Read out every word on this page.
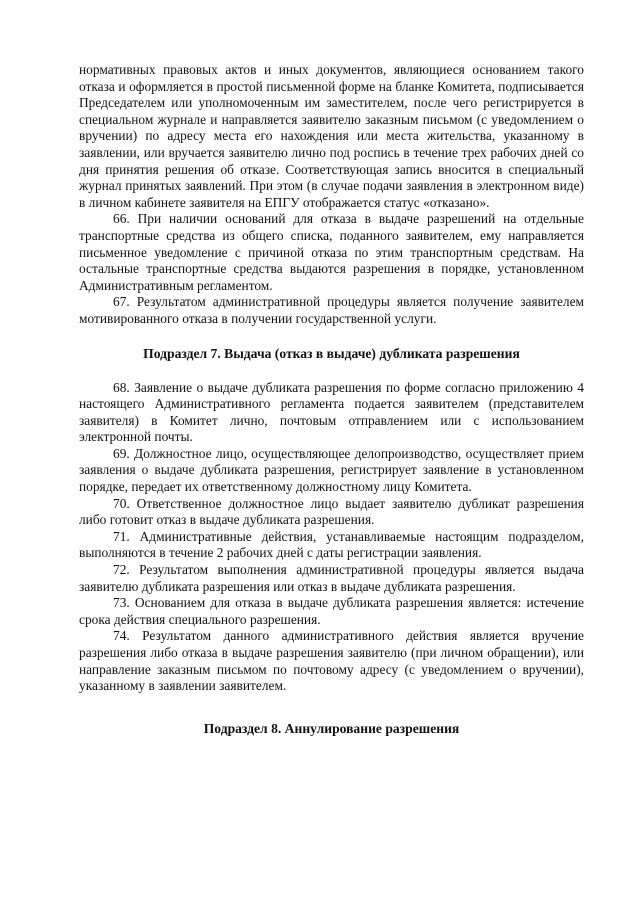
нормативных правовых актов и иных документов, являющиеся основанием такого отказа и оформляется в простой письменной форме на бланке Комитета, подписывается Председателем или уполномоченным им заместителем, после чего регистрируется в специальном журнале и направляется заявителю заказным письмом (с уведомлением о вручении) по адресу места его нахождения или места жительства, указанному в заявлении, или вручается заявителю лично под роспись в течение трех рабочих дней со дня принятия решения об отказе. Соответствующая запись вносится в специальный журнал принятых заявлений. При этом (в случае подачи заявления в электронном виде) в личном кабинете заявителя на ЕПГУ отображается статус «отказано».

66. При наличии оснований для отказа в выдаче разрешений на отдельные транспортные средства из общего списка, поданного заявителем, ему направляется письменное уведомление с причиной отказа по этим транспортным средствам. На остальные транспортные средства выдаются разрешения в порядке, установленном Административным регламентом.

67. Результатом административной процедуры является получение заявителем мотивированного отказа в получении государственной услуги.

Подраздел 7. Выдача (отказ в выдаче) дубликата разрешения

68. Заявление о выдаче дубликата разрешения по форме согласно приложению 4 настоящего Административного регламента подается заявителем (представителем заявителя) в Комитет лично, почтовым отправлением или с использованием электронной почты.

69. Должностное лицо, осуществляющее делопроизводство, осуществляет прием заявления о выдаче дубликата разрешения, регистрирует заявление в установленном порядке, передает их ответственному должностному лицу Комитета.

70. Ответственное должностное лицо выдает заявителю дубликат разрешения либо готовит отказ в выдаче дубликата разрешения.

71. Административные действия, устанавливаемые настоящим подразделом, выполняются в течение 2 рабочих дней с даты регистрации заявления.

72. Результатом выполнения административной процедуры является выдача заявителю дубликата разрешения или отказ в выдаче дубликата разрешения.

73. Основанием для отказа в выдаче дубликата разрешения является: истечение срока действия специального разрешения.

74. Результатом данного административного действия является вручение разрешения либо отказа в выдаче разрешения заявителю (при личном обращении), или направление заказным письмом по почтовому адресу (с уведомлением о вручении), указанному в заявлении заявителем.

Подраздел 8. Аннулирование разрешения
